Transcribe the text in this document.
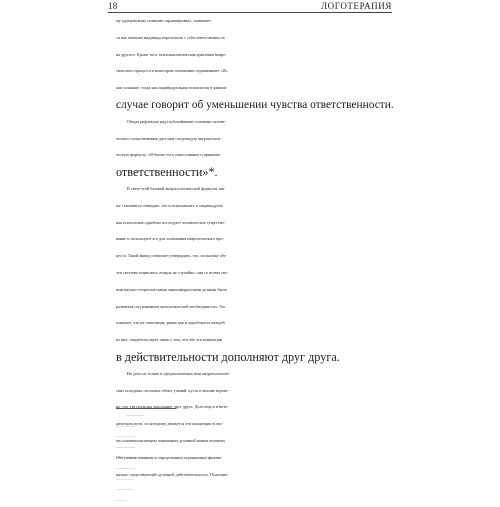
18	ЛОГОТЕРАПИЯ
му адлеровскому понятию «аранжировка», понимает-
ся как попытка индивида переложить с себя ответственность
на другого. Кроме того, психоаналитическая трактовка невро-
тического процесса в некотором отношении ограничивает «Я»
как сознание, тогда как индивидуальная психология в данном
случае говорит об уменьшении чувства ответственности.
Общая рефлексия над глубочайшими основами челове-
ческого существования дает нам следующую антропологи-
ческую формулу: «Я-бытие есть самосознание и принятие
ответственности»*.
В свете этой базовой антропологической формулы так-
же становится очевидно, что и психоанализ, и индивидуаль-
ная психология однобоко исследуют человеческое существо-
вание и используют его для толкования невротического про-
цесса. Такой вывод позволяет утверждать, что, поскольку обе
эти системы появились отнюдь не случайно, они со всеми сво-
ими научно-теоретическими закономерностями должны были
развиться под влиянием онтологической необходимости. Это
означает, что их оппозиция, равно как и однобокость каждой
из них, свидетельствует лишь о том, что обе эти концепции
в действительности дополняют друг друга.
Но дело не только в предполагаемых ими антропологиче-
ских исходных посылках обоих учений, пусть и вполне вероят-
но, что эти посылки дополняют друг друга. Дело еще и в мето-
дическом пути, по которому движутся эти концепции в сво-
ем основополагающем понимании духовной жизни человека.
Оба учения повинны в определенном ограничении феноме-
нально существующей духовной действительности. Психоана-
